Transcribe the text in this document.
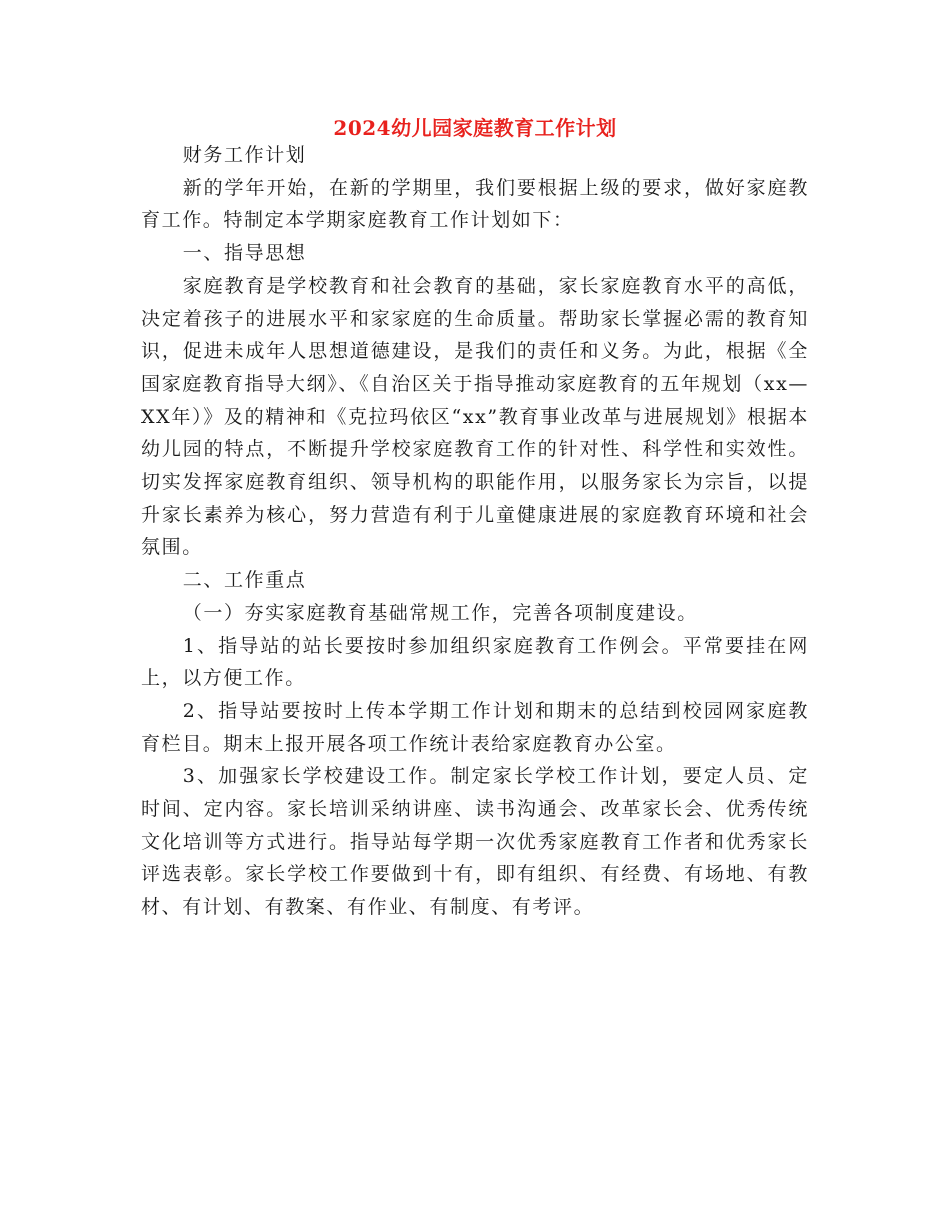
2024幼儿园家庭教育工作计划

财务工作计划

新的学年开始，在新的学期里，我们要根据上级的要求，做好家庭教育工作。特制定本学期家庭教育工作计划如下：

一、指导思想

家庭教育是学校教育和社会教育的基础，家长家庭教育水平的高低，决定着孩子的进展水平和家家庭的生命质量。帮助家长掌握必需的教育知识，促进未成年人思想道德建设，是我们的责任和义务。为此，根据《全国家庭教育指导大纲》、《自治区关于指导推动家庭教育的五年规划（xx—XX年）》及的精神和《克拉玛依区“xx”教育事业改革与进展规划》根据本幼儿园的特点，不断提升学校家庭教育工作的针对性、科学性和实效性。切实发挥家庭教育组织、领导机构的职能作用，以服务家长为宗旨，以提升家长素养为核心，努力营造有利于儿童健康进展的家庭教育环境和社会氛围。

二、工作重点

（一）夯实家庭教育基础常规工作，完善各项制度建设。

1、指导站的站长要按时参加组织家庭教育工作例会。平常要挂在网上，以方便工作。

2、指导站要按时上传本学期工作计划和期末的总结到校园网家庭教育栏目。期末上报开展各项工作统计表给家庭教育办公室。

3、加强家长学校建设工作。制定家长学校工作计划，要定人员、定时间、定内容。家长培训采纳讲座、读书沟通会、改革家长会、优秀传统文化培训等方式进行。指导站每学期一次优秀家庭教育工作者和优秀家长评选表彰。家长学校工作要做到十有，即有组织、有经费、有场地、有教材、有计划、有教案、有作业、有制度、有考评。
